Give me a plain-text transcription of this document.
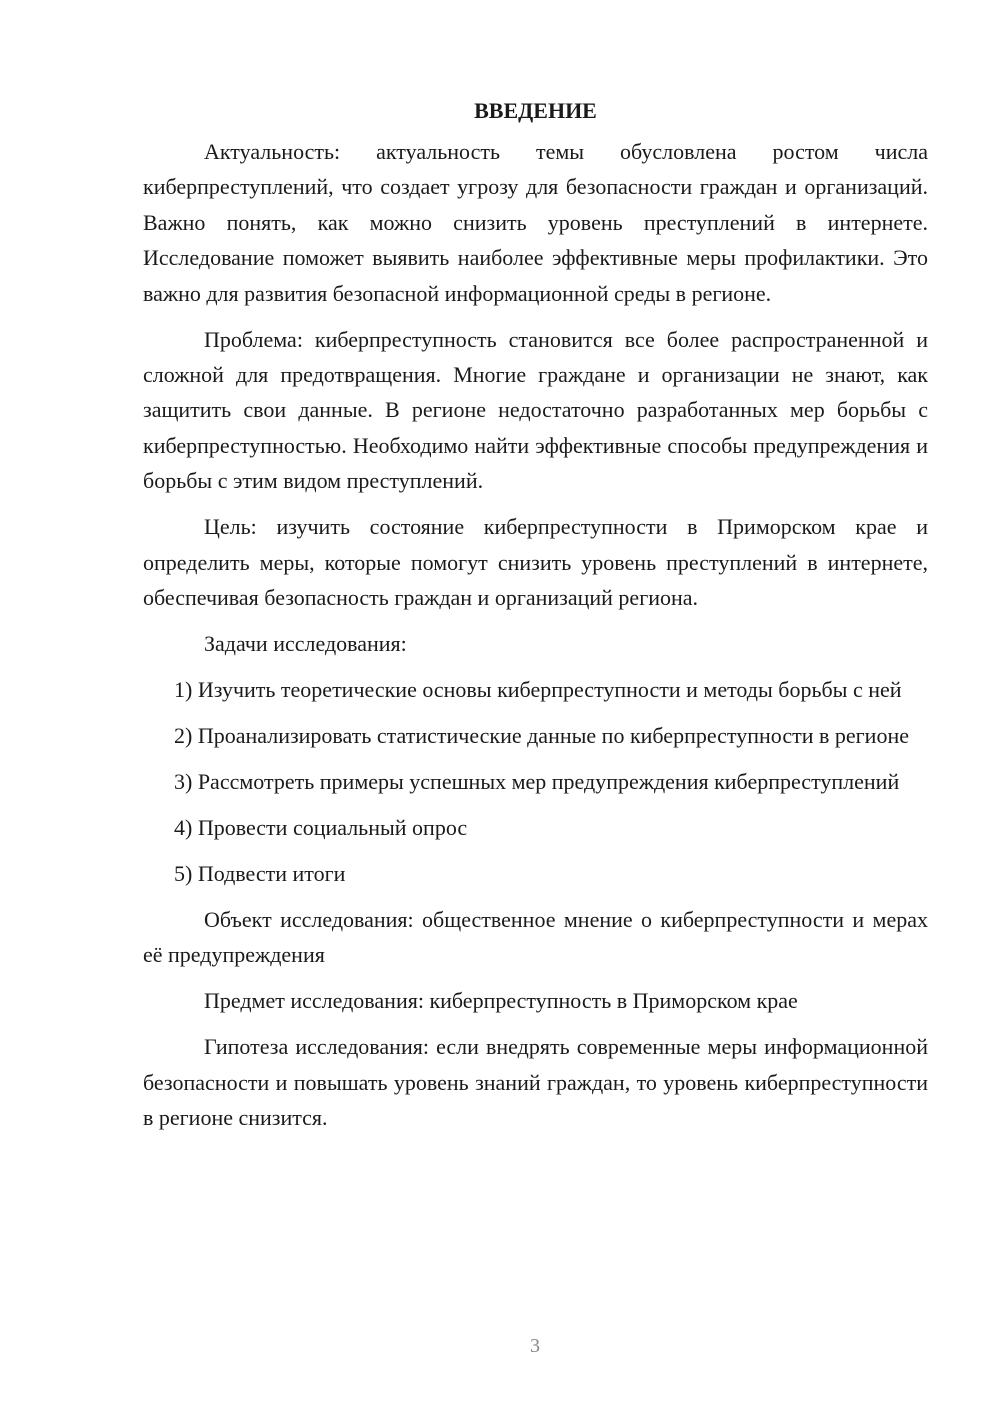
ВВЕДЕНИЕ

Актуальность: актуальность темы обусловлена ростом числа киберпреступлений, что создает угрозу для безопасности граждан и организаций. Важно понять, как можно снизить уровень преступлений в интернете. Исследование поможет выявить наиболее эффективные меры профилактики. Это важно для развития безопасной информационной среды в регионе.

Проблема: киберпреступность становится все более распространенной и сложной для предотвращения. Многие граждане и организации не знают, как защитить свои данные. В регионе недостаточно разработанных мер борьбы с киберпреступностью. Необходимо найти эффективные способы предупреждения и борьбы с этим видом преступлений.

Цель: изучить состояние киберпреступности в Приморском крае и определить меры, которые помогут снизить уровень преступлений в интернете, обеспечивая безопасность граждан и организаций региона.

Задачи исследования:

1) Изучить теоретические основы киберпреступности и методы борьбы с ней

2) Проанализировать статистические данные по киберпреступности в регионе

3) Рассмотреть примеры успешных мер предупреждения киберпреступлений

4) Провести социальный опрос

5) Подвести итоги

Объект исследования: общественное мнение о киберпреступности и мерах её предупреждения

Предмет исследования: киберпреступность в Приморском крае

Гипотеза исследования: если внедрять современные меры информационной безопасности и повышать уровень знаний граждан, то уровень киберпреступности в регионе снизится.

3
